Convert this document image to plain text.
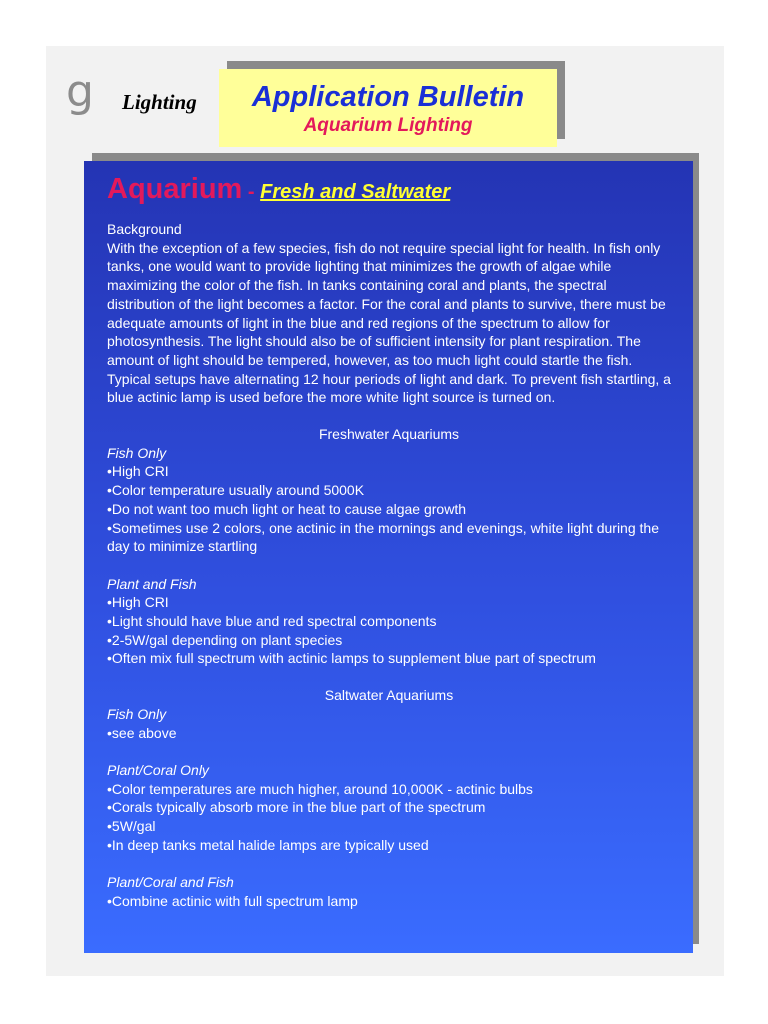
g Lighting	Application Bulletin
Aquarium Lighting
Aquarium - Fresh and Saltwater

Background
With the exception of a few species, fish do not require special light for health. In fish only tanks, one would want to provide lighting that minimizes the growth of algae while maximizing the color of the fish. In tanks containing coral and plants, the spectral distribution of the light becomes a factor. For the coral and plants to survive, there must be adequate amounts of light in the blue and red regions of the spectrum to allow for photosynthesis. The light should also be of sufficient intensity for plant respiration. The amount of light should be tempered, however, as too much light could startle the fish. Typical setups have alternating 12 hour periods of light and dark. To prevent fish startling, a blue actinic lamp is used before the more white light source is turned on.

Freshwater Aquariums
Fish Only
•High CRI
•Color temperature usually around 5000K
•Do not want too much light or heat to cause algae growth
•Sometimes use 2 colors, one actinic in the mornings and evenings, white light during the day to minimize startling
Plant and Fish
•High CRI
•Light should have blue and red spectral components
•2-5W/gal depending on plant species
•Often mix full spectrum with actinic lamps to supplement blue part of spectrum
Saltwater Aquariums
Fish Only
•see above
Plant/Coral Only
•Color temperatures are much higher, around 10,000K - actinic bulbs
•Corals typically absorb more in the blue part of the spectrum
•5W/gal
•In deep tanks metal halide lamps are typically used
Plant/Coral and Fish
•Combine actinic with full spectrum lamp
